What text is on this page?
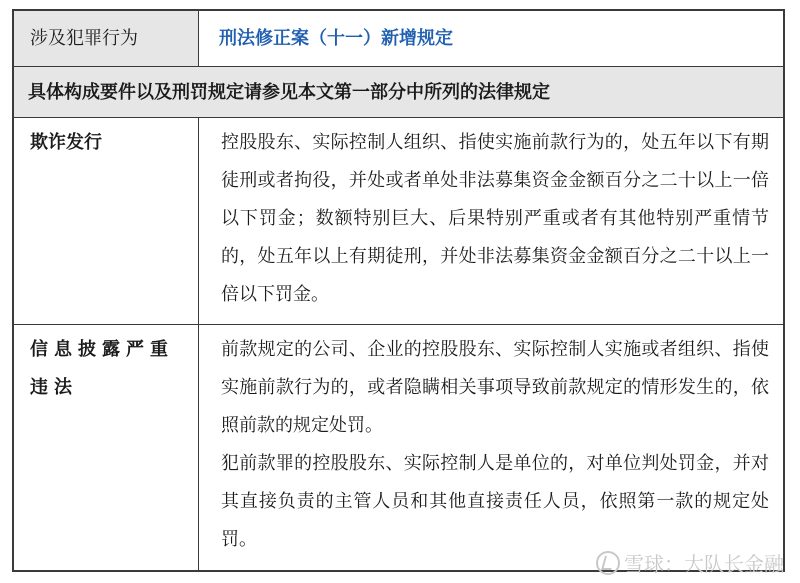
涉及犯罪行为	刑法修正案（十一）新增规定
具体构成要件以及刑罚规定请参见本文第一部分中所列的法律规定
欺诈发行	控股股东、实际控制人组织、指使实施前款行为的，处五年以下有期徒刑或者拘役，并处或者单处非法募集资金金额百分之二十以上一倍以下罚金；数额特别巨大、后果特别严重或者有其他特别严重情节的，处五年以上有期徒刑，并处非法募集资金金额百分之二十以上一倍以下罚金。

信息披露严重违法

前款规定的公司、企业的控股股东、实际控制人实施或者组织、指使实施前款行为的，或者隐瞒相关事项导致前款规定的情形发生的，依照前款的规定处罚。

犯前款罪的控股股东、实际控制人是单位的，对单位判处罚金，并对其直接负责的主管人员和其他直接责任人员，依照第一款的规定处罚。

雪球：大队长金融
